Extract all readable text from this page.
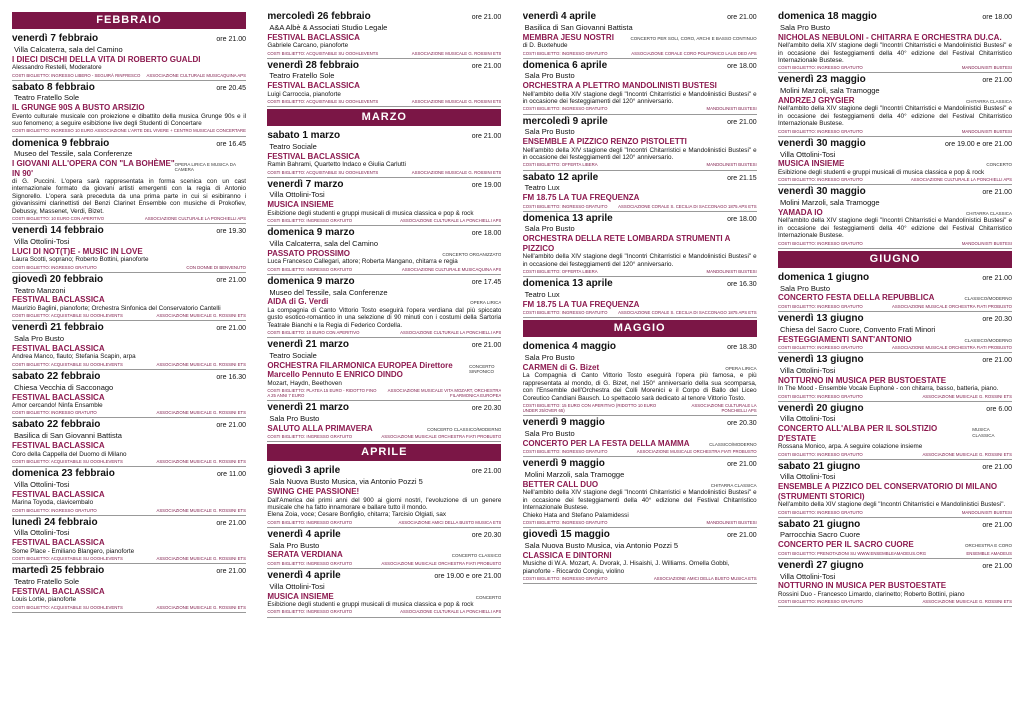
FEBBRAIO
venerdì 7 febbraio	ore 21.00
Villa Calcaterra, sala del Camino
I DIECI DISCHI DELLA VITA DI ROBERTO GUALDI
Alessandro Restelli, Moderatore
COSTI BIGLIETTO: INGRESSO LIBERO - SEGUIRÀ RINFRESCO ASSOCIAZIONE CULTURALE MUSICAQUINA APS
sabato 8 febbraio	ore 20.45
Teatro Fratello Sole
IL GRUNGE 90S A BUSTO ARSIZIO
Evento culturale musicale con proiezione e dibattito della musica Grunge 90s e il suo fenomeno; a seguire esibizione live degli Studenti di Concertare
COSTI BIGLIETTO: INGRESSO 10 EURO ASSOCIAZIONE L'ARTE DEL VIVERE + CENTRO MUSICALE CONCERTARE
domenica 9 febbraio	ore 16.45
Museo del Tessile, sala Conferenze
I GIOVANI ALL'OPERA CON "LA BOHÈME" IN 90'
OPERA LIRICA E MUSICA DA CAMERA
di G. Puccini. L'opera sarà rappresentata in forma scenica con un cast internazionale formato da giovani artisti emergenti con la regia di Antonio Signorello. L'opera sarà preceduta da una prima parte in cui si esibiranno i giovanissimi clarinettisti del Benzi Clarinet Ensemble con musiche di Prokofiev, Debussy, Massenet, Verdi, Bizet.
COSTI BIGLIETTO: 10 EURO CON APERITIVO	ASSOCIAZIONE CULTURALE LA PONCHIELLI APS
venerdì 14 febbraio	ore 19.30
Villa Ottolini-Tosi
LUCI DI NOT(T)E - MUSIC IN LOVE
Laura Scotti, soprano; Roberto Bottini, pianoforte
COSTI BIGLIETTO: INGRESSO GRATUITO	CON DONNE DI BENVENUTO
giovedì 20 febbraio	ore 21.00
Teatro Manzoni
FESTIVAL BACLASSICA
Maurizio Baglini, pianoforte; Orchestra Sinfonica del Conservatorio Cantelli
COSTI BIGLIETTO: ACQUISTABILE SU OOOHLEVENTS	ASSOCIAZIONE MUSICALE G. ROSSINI ETS
venerdì 21 febbraio	ore 21.00
Sala Pro Busto
FESTIVAL BACLASSICA
Andrea Manco, flauto; Stefania Scapin, arpa
COSTI BIGLIETTO: ACQUISTABILE SU OOOHLEVENTS	ASSOCIAZIONE MUSICALE G. ROSSINI ETS
sabato 22 febbraio	ore 16.30
Chiesa Vecchia di Sacconago
FESTIVAL BACLASSICA
Amor cercando! Ninfa Ensamble
COSTI BIGLIETTO: INGRESSO GRATUITO	ASSOCIAZIONE MUSICALE G. ROSSINI ETS
sabato 22 febbraio	ore 21.00
Basilica di San Giovanni Battista
FESTIVAL BACLASSICA
Coro della Cappella del Duomo di Milano
COSTI BIGLIETTO: ACQUISTABILE SU OOOHLEVENTS	ASSOCIAZIONE MUSICALE G. ROSSINI ETS
domenica 23 febbraio	ore 11.00
Villa Ottolini-Tosi
FESTIVAL BACLASSICA
Marina Toyoda, clavicembalo
COSTI BIGLIETTO: INGRESSO GRATUITO	ASSOCIAZIONE MUSICALE G. ROSSINI ETS
lunedì 24 febbraio	ore 21.00
Villa Ottolini-Tosi
FESTIVAL BACLASSICA
Some Place - Emiliano Blangero, pianoforte
COSTI BIGLIETTO: ACQUISTABILE SU OOOHLEVENTS	ASSOCIAZIONE MUSICALE G. ROSSINI ETS
martedì 25 febbraio	ore 21.00
Teatro Fratello Sole
FESTIVAL BACLASSICA
Louis Lortie, pianoforte
COSTI BIGLIETTO: ACQUISTABILE SU OOOHLEVENTS	ASSOCIAZIONE MUSICALE G. ROSSINI ETS
mercoledì 26 febbraio	ore 21.00
A&A Albè & Associati Studio Legale
FESTIVAL BACLASSICA
Gabriele Carcano, pianoforte
COSTI BIGLIETTO: ACQUISTABILE SU OOOHLEVENTS	ASSOCIAZIONE MUSICALE G. ROSSINI ETS
venerdì 28 febbraio	ore 21.00
Teatro Fratello Sole
FESTIVAL BACLASSICA
Luigi Carroccia, pianoforte
COSTI BIGLIETTO: ACQUISTABILE SU OOOHLEVENTS	ASSOCIAZIONE MUSICALE G. ROSSINI ETS
MARZO
sabato 1 marzo	ore 21.00
Teatro Sociale
FESTIVAL BACLASSICA
Ramin Bahrami, Quartetto Indaco e Giulia Carlutti
COSTI BIGLIETTO: ACQUISTABILE SU OOOHLEVENTS	ASSOCIAZIONE MUSICALE G. ROSSINI ETS
venerdì 7 marzo	ore 19.00
Villa Ottolini-Tosi
MUSICA INSIEME
Esibizione degli studenti e gruppi musicali di musica classica e pop & rock
COSTI BIGLIETTO: INGRESSO GRATUITO	ASSOCIAZIONE CULTURALE LA PONCHIELLI APS
domenica 9 marzo	ore 18.00
Villa Calcaterra, sala del Camino
PASSATO PROSSIMO	CONCERTO ORGANIZZATO
Luca Francesco Callegari, attore; Roberta Mangano, chitarra e regia
COSTI BIGLIETTO: INGRESSO GRATUITO	ASSOCIAZIONE CULTURALE MUSICAQUINA APS
domenica 9 marzo	ore 17.45
Museo del Tessile, sala Conferenze
AIDA di G. Verdi	OPERA LIRICA
La compagnia di Canto Vittorio Tosto eseguirà l'opera verdiana dal più spiccato gusto esotico-romantico in una selezione di 90 minuti con i costumi della Sartoria Teatrale Bianchi e la Regia di Federico Cordella.
COSTI BIGLIETTO: 10 EURO CON APERITIVO	ASSOCIAZIONE CULTURALE LA PONCHIELLI APS
venerdì 21 marzo	ore 21.00
Teatro Sociale
ORCHESTRA FILARMONICA EUROPEA Direttore Marcello Pennuto E ENRICO DINDO
CONCERTO SINFONICO
Mozart, Haydn, Beethoven
COSTI BIGLIETTO: PLATEA 15 EURO - RIDOTTO FINO A 25 ANNI 7 EURO
ASSOCIAZIONE MUSICALE VITA MOZART, ORCHESTRA FILARMONICA EUROPEA
venerdì 21 marzo	ore 20.30
Sala Pro Busto
SALUTO ALLA PRIMAVERA	CONCERTO CLASSICO/MODERNO
COSTI BIGLIETTO: INGRESSO GRATUITO	ASSOCIAZIONE MUSICALE ORCHESTRA FIATI PROBUSTO
APRILE
giovedì 3 aprile	ore 21.00
Sala Nuova Busto Musica, via Antonio Pozzi 5
SWING CHE PASSIONE!
Dall'America dei primi anni del 900 ai giorni nostri, l'evoluzione di un genere musicale che ha fatto innamorare e ballare tutto il mondo.
Elena Zoia, voce; Cesare Bonfiglio, chitarra; Tarcisio Olgiati, sax
COSTI BIGLIETTO: INGRESSO GRATUITO	ASSOCIAZIONE AMICI DELLA BUSTO MUSICA ETS
venerdì 4 aprile	ore 20.30
Sala Pro Busto
SERATA VERDIANA	CONCERTO CLASSICO
COSTI BIGLIETTO: INGRESSO GRATUITO	ASSOCIAZIONE MUSICALE ORCHESTRA FIATI PROBUSTO
venerdì 4 aprile	ore 19.00 e ore 21.00
Villa Ottolini-Tosi
MUSICA INSIEME	CONCERTO
Esibizione degli studenti e gruppi musicali di musica classica e pop & rock
COSTI BIGLIETTO: INGRESSO GRATUITO	ASSOCIAZIONE CULTURALE LA PONCHIELLI APS
venerdì 4 aprile	ore 21.00
Basilica di San Giovanni Battista
MEMBRA JESU NOSTRI	CONCERTO PER SOLI, CORO, ARCHI E BASSO CONTINUO
di D. Buxtehude
COSTI BIGLIETTO: INGRESSO GRATUITO	ASSOCIAZIONE CORALE CORO POLIFONICO LAUS DEO APS
domenica 6 aprile	ore 18.00
Sala Pro Busto
ORCHESTRA A PLETTRO MANDOLINISTI BUSTESI
Nell'ambito della XIV stagione degli "Incontri Chitarristici e Mandolinistici Bustesi" e in occasione dei festeggiamenti del 120° anniversario.
COSTI BIGLIETTO: INGRESSO GRATUITO	MANDOLINISTI BUSTESI
mercoledì 9 aprile	ore 21.00
Sala Pro Busto
ENSEMBLE A PIZZICO RENZO PISTOLETTI
Nell'ambito della XIV stagione degli "Incontri Chitarristici e Mandolinistici Bustesi" e in occasione dei festeggiamenti del 120° anniversario.
COSTI BIGLIETTO: OFFERTA LIBERA	MANDOLINISTI BUSTESI
sabato 12 aprile	ore 21.15
Teatro Lux
FM 18.75 LA TUA FREQUENZA
COSTI BIGLIETTO: INGRESSO GRATUITO ASSOCIAZIONE CORALE S. CECILIA DI SACCONAGO 1875 APS ETS
domenica 13 aprile	ore 18.00
Sala Pro Busto
ORCHESTRA DELLA RETE LOMBARDA STRUMENTI A PIZZICO
Nell'ambito della XIV stagione degli "Incontri Chitarristici e Mandolinistici Bustesi" e in occasione dei festeggiamenti del 120° anniversario.
COSTI BIGLIETTO: OFFERTA LIBERA	MANDOLINISTI BUSTESI
domenica 13 aprile	ore 16.30
Teatro Lux
FM 18.75 LA TUA FREQUENZA
COSTI BIGLIETTO: INGRESSO GRATUITO ASSOCIAZIONE CORALE S. CECILIA DI SACCONAGO 1875 APS ETS
MAGGIO
domenica 4 maggio	ore 18.30
Sala Pro Busto
CARMEN di G. Bizet	OPERA LIRICA
La Compagnia di Canto Vittorio Tosto eseguirà l'opera più famosa, e più rappresentata al mondo, di G. Bizet, nel 150° anniversario della sua scomparsa, con l'Ensemble dell'Orchestra dei Colli Morenici e il Corpo di Ballo del Liceo Coreutico Candiani Bausch. Lo spettacolo sarà dedicato al tenore Vittorio Tosto.
COSTI BIGLIETTO: 15 EURO CON APERITIVO (RIDOTTO 10 EURO UNDER 25/OVER 65)
ASSOCIAZIONE CULTURALE LA PONCHIELLI APS
venerdì 9 maggio	ore 20.30
Sala Pro Busto
CONCERTO PER LA FESTA DELLA MAMMA	CLASSICO/MODERNO
COSTI BIGLIETTO: INGRESSO GRATUITO	ASSOCIAZIONE MUSICALE ORCHESTRA FIATI PROBUSTO
venerdì 9 maggio	ore 21.00
Molini Marzoli, sala Tramogge
BETTER CALL DUO	CHITARRA CLASSICA
Nell'ambito della XIV stagione degli "Incontri Chitarristici e Mandolinistici Bustesi" e in occasione dei festeggiamenti della 40° edizione del Festival Chitarristico Internazionale Bustese.
Chieko Hata and Stefano Palamidessi
COSTI BIGLIETTO: INGRESSO GRATUITO	MANDOLINISTI BUSTESI
giovedì 15 maggio	ore 21.00
Sala Nuova Busto Musica, via Antonio Pozzi 5
CLASSICA E DINTORNI
Musiche di W.A. Mozart, A. Dvorak, J. Hisaishi, J. Williams. Ornella Gobbi, pianoforte - Riccardo Congiu, violino
COSTI BIGLIETTO: INGRESSO GRATUITO	ASSOCIAZIONE AMICI DELLA BUSTO MUSICA ETS
domenica 18 maggio	ore 18.00
Sala Pro Busto
NICHOLAS NEBULONI - CHITARRA E ORCHESTRA DU.CA.
Nell'ambito della XIV stagione degli "Incontri Chitarristici e Mandolinistici Bustesi" e in occasione dei festeggiamenti della 40° edizione del Festival Chitarristico Internazionale Bustese.
COSTI BIGLIETTO: INGRESSO GRATUITO	MANDOLINISTI BUSTESI
venerdì 23 maggio	ore 21.00
Molini Marzoli, sala Tramogge
ANDRZEJ GRYGIER	CHITARRA CLASSICA
Nell'ambito della XIV stagione degli "Incontri Chitarristici e Mandolinistici Bustesi" e in occasione dei festeggiamenti della 40° edizione del Festival Chitarristico Internazionale Bustese.
COSTI BIGLIETTO: INGRESSO GRATUITO	MANDOLINISTI BUSTESI
venerdì 30 maggio	ore 19.00 e ore 21.00
Villa Ottolini-Tosi
MUSICA INSIEME	CONCERTO
Esibizione degli studenti e gruppi musicali di musica classica e pop & rock
COSTI BIGLIETTO: INGRESSO GRATUITO	ASSOCIAZIONE CULTURALE LA PONCHIELLI APS
venerdì 30 maggio	ore 21.00
Molini Marzoli, sala Tramogge
YAMADA IO	CHITARRA CLASSICA
Nell'ambito della XIV stagione degli "Incontri Chitarristici e Mandolinistici Bustesi" e in occasione dei festeggiamenti della 40° edizione del Festival Chitarristico Internazionale Bustese.
COSTI BIGLIETTO: INGRESSO GRATUITO	MANDOLINISTI BUSTESI
GIUGNO
domenica 1 giugno	ore 21.00
Sala Pro Busto
CONCERTO FESTA DELLA REPUBBLICA	CLASSICO/MODERNO
COSTI BIGLIETTO: INGRESSO GRATUITO	ASSOCIAZIONE MUSICALE ORCHESTRA FIATI PROBUSTO
venerdì 13 giugno	ore 20.30
Chiesa del Sacro Cuore, Convento Frati Minori
FESTEGGIAMENTI SANT'ANTONIO	CLASSICO/MODERNO
COSTI BIGLIETTO: INGRESSO GRATUITO	ASSOCIAZIONE MUSICALE ORCHESTRA FIATI PROBUSTO
venerdì 13 giugno	ore 21.00
Villa Ottolini-Tosi
NOTTURNO IN MUSICA PER BUSTOESTATE
In The Mood - Ensemble Vocale Euphonè - con chitarra, basso, batteria, piano.
COSTI BIGLIETTO: INGRESSO GRATUITO	ASSOCIAZIONE MUSICALE G. ROSSINI ETS
venerdì 20 giugno	ore 6.00
Villa Ottolini-Tosi
CONCERTO ALL'ALBA PER IL SOLSTIZIO D'ESTATE
MUSICA CLASSICA
Rossana Monico, arpa. A seguire colazione insieme
COSTI BIGLIETTO: INGRESSO GRATUITO	ASSOCIAZIONE MUSICALE G. ROSSINI ETS
sabato 21 giugno	ore 21.00
Villa Ottolini-Tosi
ENSEMBLE A PIZZICO DEL CONSERVATORIO DI MILANO (STRUMENTI STORICI)
Nell'ambito della XIV stagione degli "Incontri Chitarristici e Mandolinistici Bustesi".
COSTI BIGLIETTO: INGRESSO GRATUITO	MANDOLINISTI BUSTESI
sabato 21 giugno	ore 21.00
Parrocchia Sacro Cuore
CONCERTO PER IL SACRO CUORE	ORCHESTRA E CORO
COSTI BIGLIETTO: PRENOTAZIONI SU WWW.ENSEMBLEAMADEUS.ORG	ENSEMBLE AMADEUS
venerdì 27 giugno	ore 21.00
Villa Ottolini-Tosi
NOTTURNO IN MUSICA PER BUSTOESTATE
Rossini Duo - Francesco Limardo, clarinetto; Roberto Bottini, piano
COSTI BIGLIETTO: INGRESSO GRATUITO	ASSOCIAZIONE MUSICALE G. ROSSINI ETS
